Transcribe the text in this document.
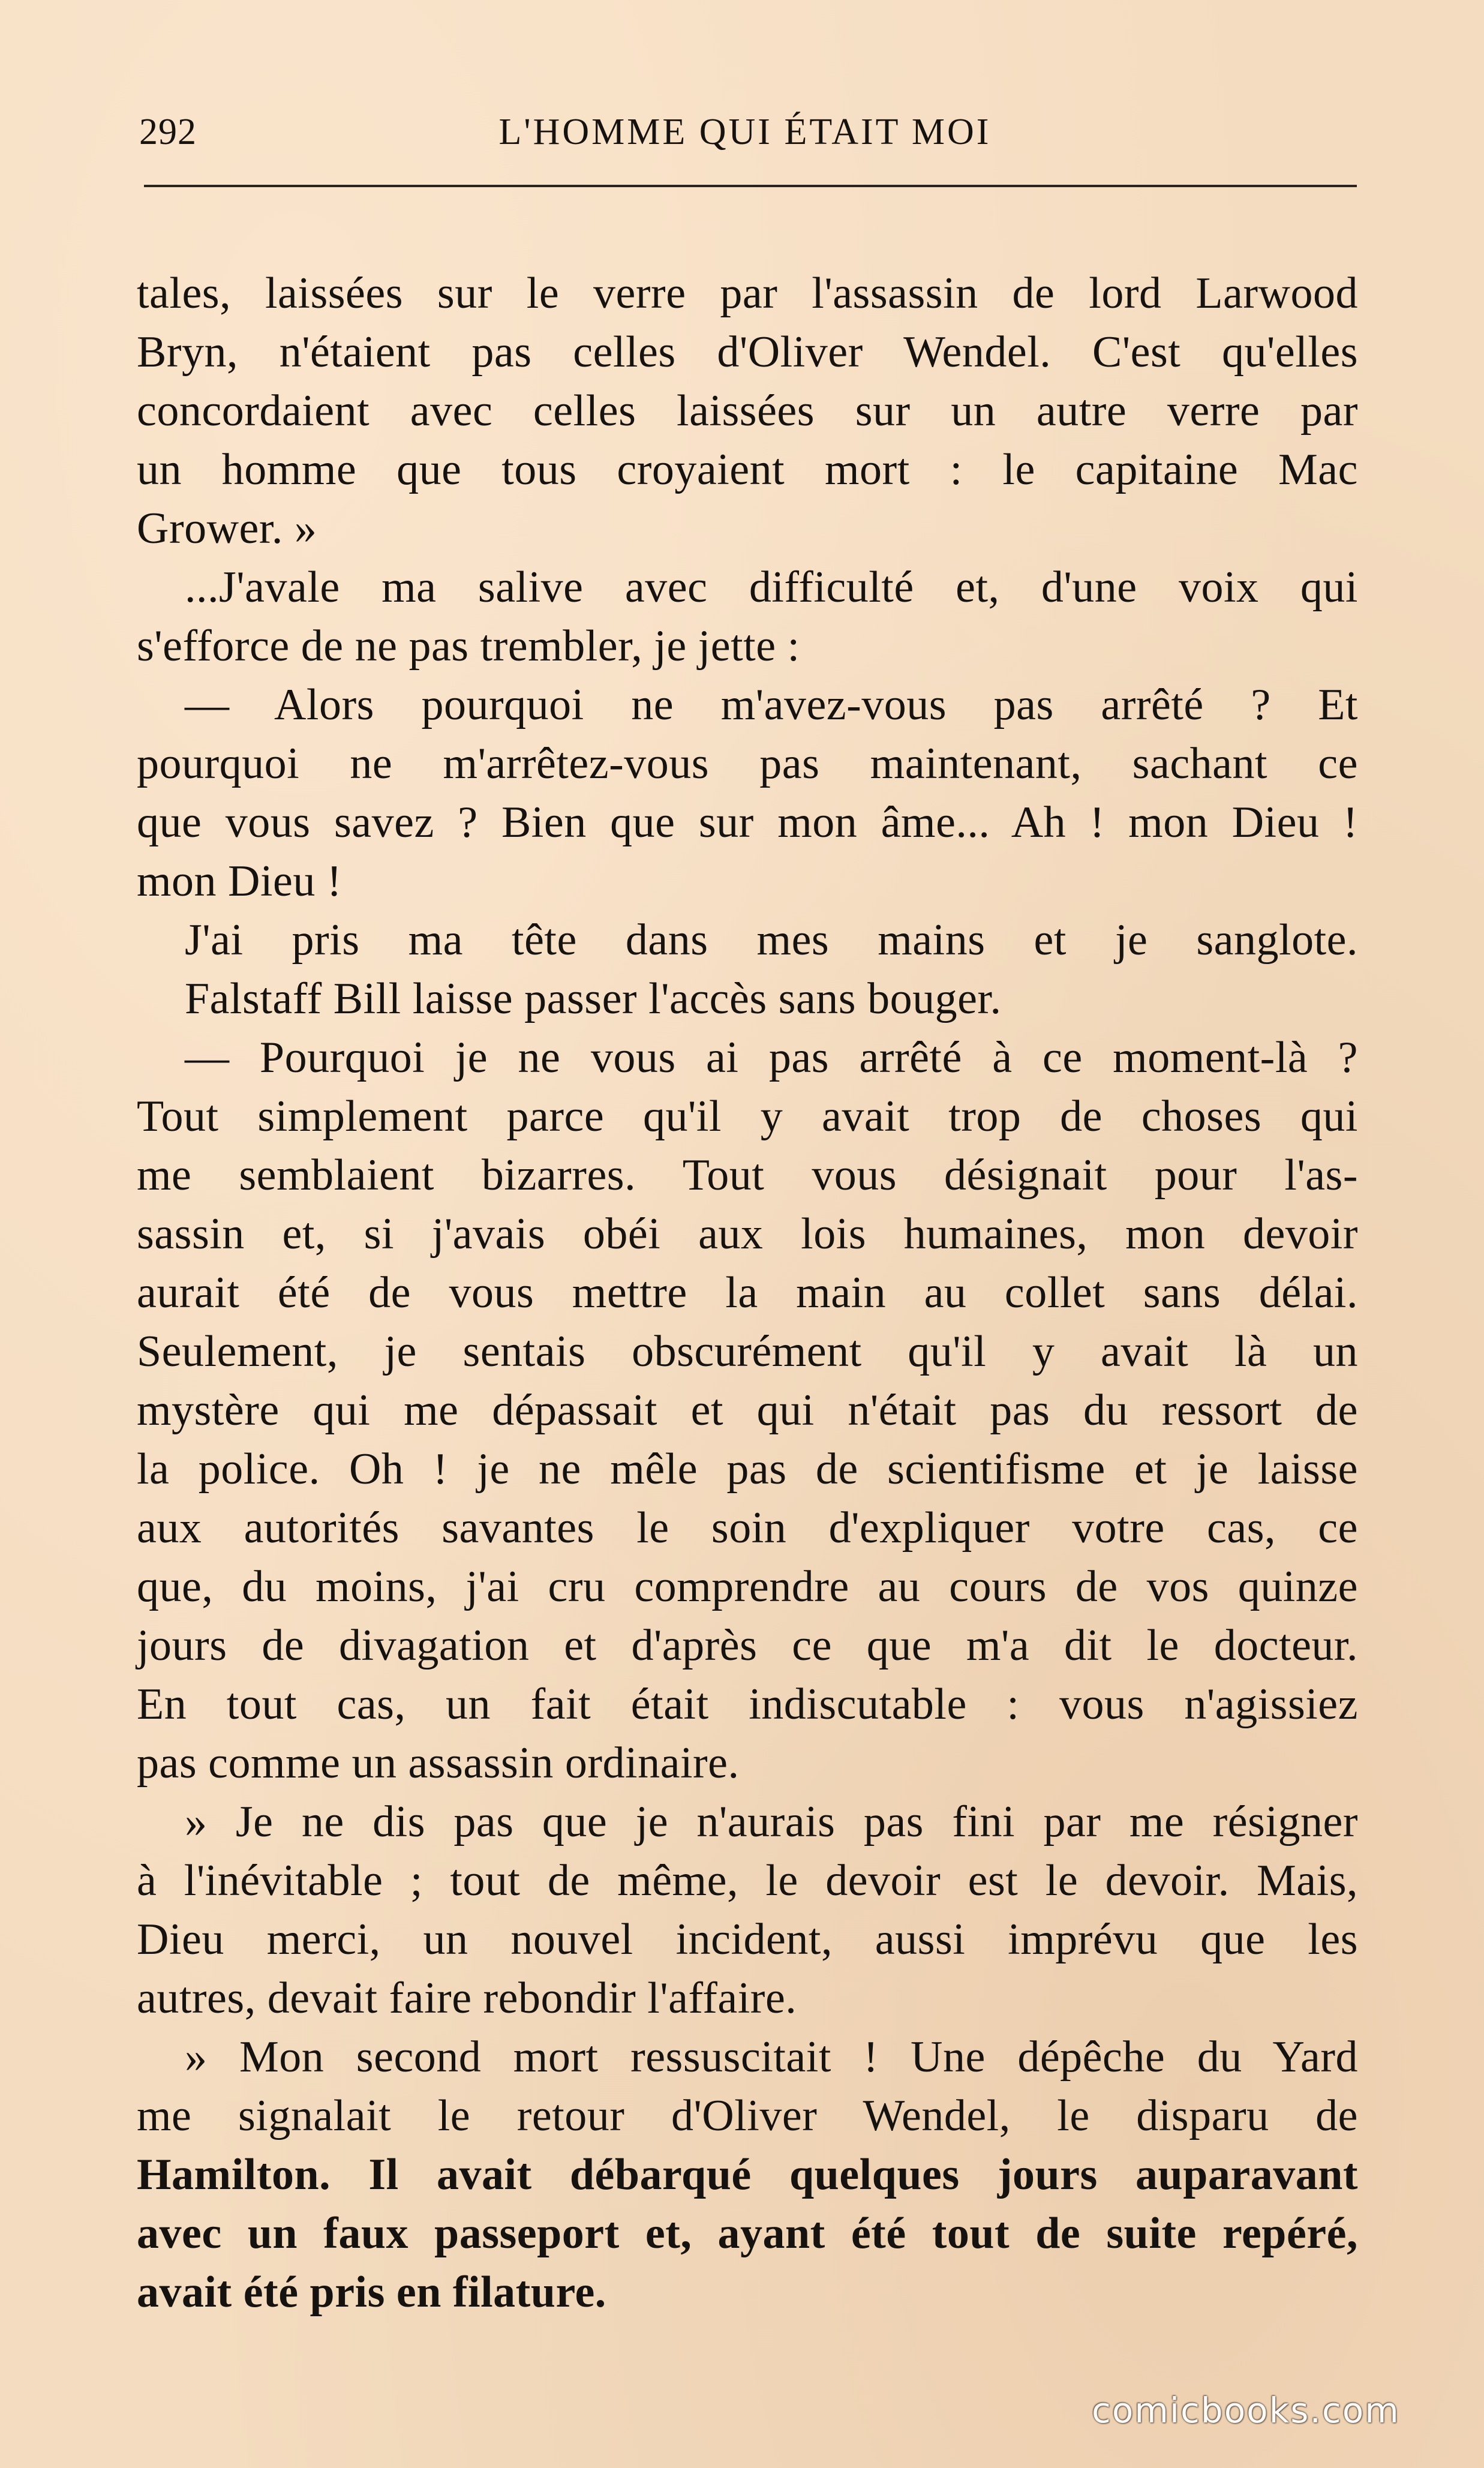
292	L'HOMME QUI ÉTAIT MOI
tales, laissées sur le verre par l'assassin de lord Larwood
Bryn, n'étaient pas celles d'Oliver Wendel. C'est qu'elles
concordaient avec celles laissées sur un autre verre par
un homme que tous croyaient mort : le capitaine Mac
Grower. »
...J'avale ma salive avec difficulté et, d'une voix qui
s'efforce de ne pas trembler, je jette :
— Alors pourquoi ne m'avez-vous pas arrêté ? Et
pourquoi ne m'arrêtez-vous pas maintenant, sachant ce
que vous savez ? Bien que sur mon âme... Ah ! mon Dieu !
mon Dieu !
J'ai pris ma tête dans mes mains et je sanglote.
Falstaff Bill laisse passer l'accès sans bouger.
— Pourquoi je ne vous ai pas arrêté à ce moment-là ?
Tout simplement parce qu'il y avait trop de choses qui
me semblaient bizarres. Tout vous désignait pour l'as-
sassin et, si j'avais obéi aux lois humaines, mon devoir
aurait été de vous mettre la main au collet sans délai.
Seulement, je sentais obscurément qu'il y avait là un
mystère qui me dépassait et qui n'était pas du ressort de
la police. Oh ! je ne mêle pas de scientifisme et je laisse
aux autorités savantes le soin d'expliquer votre cas, ce
que, du moins, j'ai cru comprendre au cours de vos quinze
jours de divagation et d'après ce que m'a dit le docteur.
En tout cas, un fait était indiscutable : vous n'agissiez
pas comme un assassin ordinaire.
» Je ne dis pas que je n'aurais pas fini par me résigner
à l'inévitable ; tout de même, le devoir est le devoir. Mais,
Dieu merci, un nouvel incident, aussi imprévu que les
autres, devait faire rebondir l'affaire.
» Mon second mort ressuscitait ! Une dépêche du Yard
me signalait le retour d'Oliver Wendel, le disparu de
Hamilton. Il avait débarqué quelques jours auparavant
avec un faux passeport et, ayant été tout de suite repéré,
avait été pris en filature.
comicbooks.com
